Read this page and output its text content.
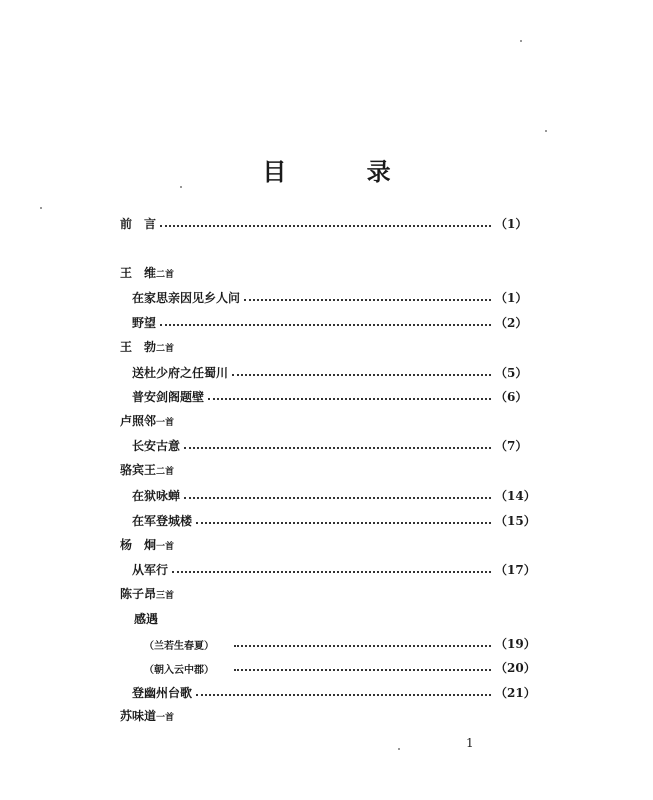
目 录
前　言	（1）
王　维二首
在家思亲因见乡人问	（1）
野望	（2）
王　勃二首
送杜少府之任蜀川	（5）
普安剑阁题壁	（6）
卢照邻一首
长安古意	（7）
骆宾王二首
在狱咏蝉	（14）
在军登城楼	（15）
杨　炯一首
从军行	（17）
陈子昂三首
感遇
（兰若生春夏）	（19）
（朝入云中郡）	（20）
登幽州台歌	（21）
苏味道一首
1
